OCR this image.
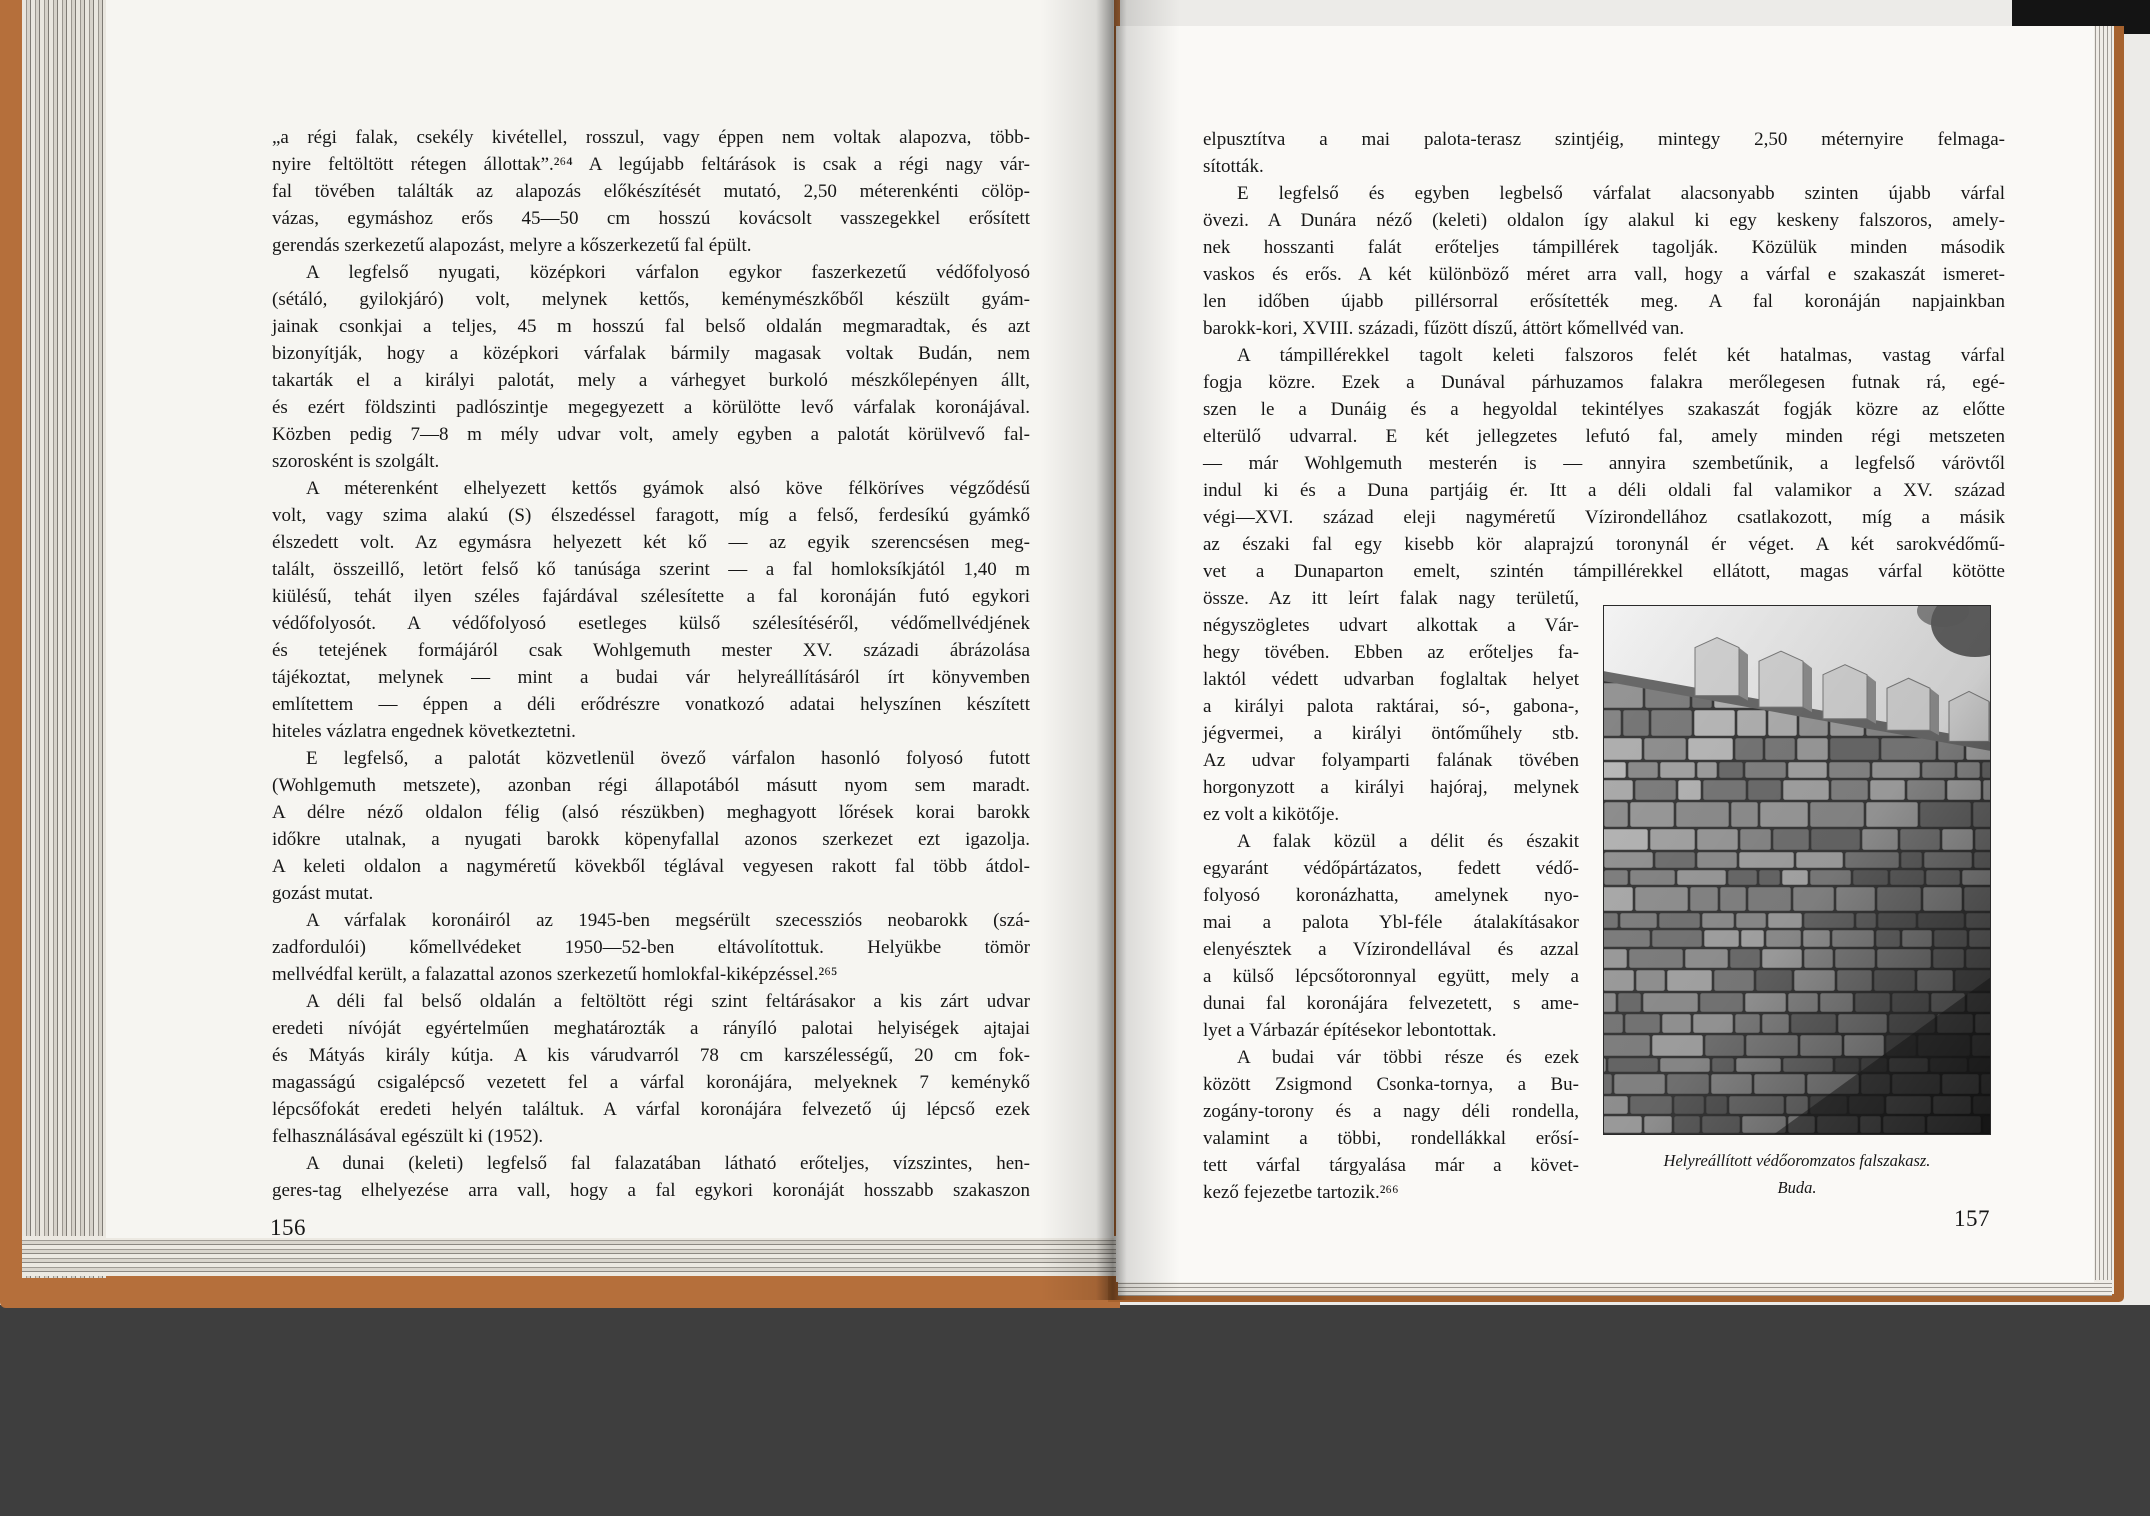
„a régi falak, csekély kivétellel, rosszul, vagy éppen nem voltak alapozva, több-
nyire feltöltött rétegen állottak”.²⁶⁴ A legújabb feltárások is csak a régi nagy vár-
fal tövében találták az alapozás előkészítését mutató, 2,50 méterenkénti cölöp-
vázas, egymáshoz erős 45—50 cm hosszú kovácsolt vasszegekkel erősített
gerendás szerkezetű alapozást, melyre a kőszerkezetű fal épült.
A legfelső nyugati, középkori várfalon egykor faszerkezetű védőfolyosó
(sétáló, gyilokjáró) volt, melynek kettős, keménymészkőből készült gyám-
jainak csonkjai a teljes, 45 m hosszú fal belső oldalán megmaradtak, és azt
bizonyítják, hogy a középkori várfalak bármily magasak voltak Budán, nem
takarták el a királyi palotát, mely a várhegyet burkoló mészkőlepényen állt,
és ezért földszinti padlószintje megegyezett a körülötte levő várfalak koronájával.
Közben pedig 7—8 m mély udvar volt, amely egyben a palotát körülvevő fal-
szorosként is szolgált.
A méterenként elhelyezett kettős gyámok alsó köve félköríves végződésű
volt, vagy szima alakú (S) élszedéssel faragott, míg a felső, ferdesíkú gyámkő
élszedett volt. Az egymásra helyezett két kő — az egyik szerencsésen meg-
talált, összeillő, letört felső kő tanúsága szerint — a fal homloksíkjától 1,40 m
kiülésű, tehát ilyen széles fajárdával szélesítette a fal koronáján futó egykori
védőfolyosót. A védőfolyosó esetleges külső szélesítéséről, védőmellvédjének
és tetejének formájáról csak Wohlgemuth mester XV. századi ábrázolása
tájékoztat, melynek — mint a budai vár helyreállításáról írt könyvemben
említettem — éppen a déli erődrészre vonatkozó adatai helyszínen készített
hiteles vázlatra engednek következtetni.
E legfelső, a palotát közvetlenül övező várfalon hasonló folyosó futott
(Wohlgemuth metszete), azonban régi állapotából másutt nyom sem maradt.
A délre néző oldalon félig (alsó részükben) meghagyott lőrések korai barokk
időkre utalnak, a nyugati barokk köpenyfallal azonos szerkezet ezt igazolja.
A keleti oldalon a nagyméretű kövekből téglával vegyesen rakott fal több átdol-
gozást mutat.
A várfalak koronáiról az 1945-ben megsérült szecessziós neobarokk (szá-
zadfordulói) kőmellvédeket 1950—52-ben eltávolítottuk. Helyükbe tömör
mellvédfal került, a falazattal azonos szerkezetű homlokfal-kiképzéssel.²⁶⁵
A déli fal belső oldalán a feltöltött régi szint feltárásakor a kis zárt udvar
eredeti nívóját egyértelműen meghatározták a rányíló palotai helyiségek ajtajai
és Mátyás király kútja. A kis várudvarról 78 cm karszélességű, 20 cm fok-
magasságú csigalépcső vezetett fel a várfal koronájára, melyeknek 7 keménykő
lépcsőfokát eredeti helyén találtuk. A várfal koronájára felvezető új lépcső ezek
felhasználásával egészült ki (1952).
A dunai (keleti) legfelső fal falazatában látható erőteljes, vízszintes, hen-
geres-tag elhelyezése arra vall, hogy a fal egykori koronáját hosszabb szakaszon
156
elpusztítva a mai palota-terasz szintjéig, mintegy 2,50 méternyire felmaga-
sították.
E legfelső és egyben legbelső várfalat alacsonyabb szinten újabb várfal
övezi. A Dunára néző (keleti) oldalon így alakul ki egy keskeny falszoros, amely-
nek hosszanti falát erőteljes támpillérek tagolják. Közülük minden második
vaskos és erős. A két különböző méret arra vall, hogy a várfal e szakaszát ismeret-
len időben újabb pillérsorral erősítették meg. A fal koronáján napjainkban
barokk-kori, XVIII. századi, fűzött díszű, áttört kőmellvéd van.
A támpillérekkel tagolt keleti falszoros felét két hatalmas, vastag várfal
fogja közre. Ezek a Dunával párhuzamos falakra merőlegesen futnak rá, egé-
szen le a Dunáig és a hegyoldal tekintélyes szakaszát fogják közre az előtte
elterülő udvarral. E két jellegzetes lefutó fal, amely minden régi metszeten
— már Wohlgemuth mesterén is — annyira szembetűnik, a legfelső várövtől
indul ki és a Duna partjáig ér. Itt a déli oldali fal valamikor a XV. század
végi—XVI. század eleji nagyméretű Vízirondellához csatlakozott, míg a másik
az északi fal egy kisebb kör alaprajzú toronynál ér véget. A két sarokvédőmű-
vet a Dunaparton emelt, szintén támpillérekkel ellátott, magas várfal kötötte
össze. Az itt leírt falak nagy területű,
négyszögletes udvart alkottak a Vár-
hegy tövében. Ebben az erőteljes fa-
laktól védett udvarban foglaltak helyet
a királyi palota raktárai, só-, gabona-,
jégvermei, a királyi öntőműhely stb.
Az udvar folyamparti falának tövében
horgonyzott a királyi hajóraj, melynek
ez volt a kikötője.
A falak közül a délit és északit
egyaránt védőpártázatos, fedett védő-
folyosó koronázhatta, amelynek nyo-
mai a palota Ybl-féle átalakításakor
elenyésztek a Vízirondellával és azzal
a külső lépcsőtoronnyal együtt, mely a
dunai fal koronájára felvezetett, s ame-
lyet a Várbazár építésekor lebontottak.
A budai vár többi része és ezek
között Zsigmond Csonka-tornya, a Bu-
zogány-torony és a nagy déli rondella,
valamint a többi, rondellákkal erősí-
tett várfal tárgyalása már a követ-
kező fejezetbe tartozik.²⁶⁶
Helyreállított védőoromzatos falszakasz.
Buda.
157
